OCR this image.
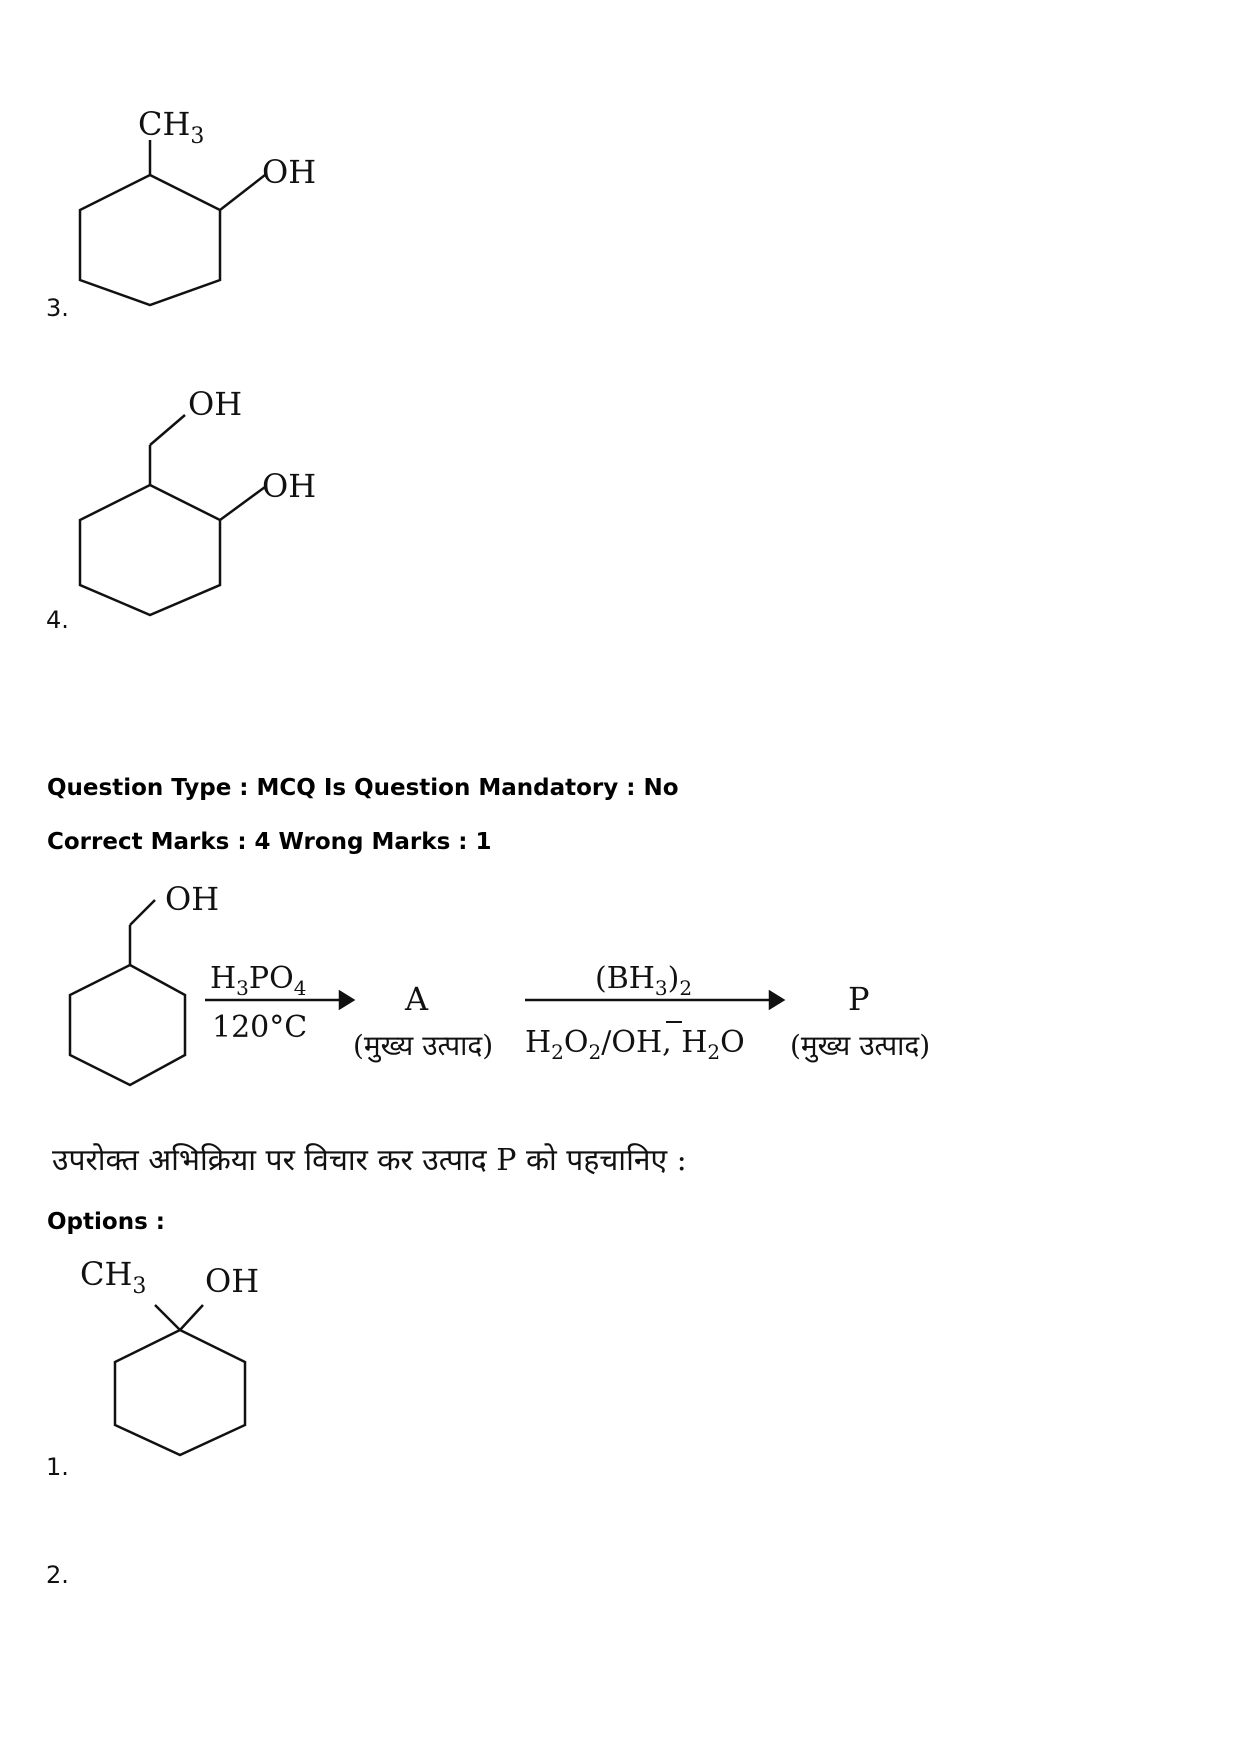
3.
$CH_3$
OH
4.
OH
OH
Question Type : MCQ Is Question Mandatory : No
Correct Marks : 4 Wrong Marks : 1
OH
$H_3PO_4$
120°C
A
(मुख्य उत्पाद)
$(BH_3)_2$
$H_2O_2/OH$, $H_2O$
P
(मुख्य उत्पाद)
उपरोक्त अभिक्रिया पर विचार कर उत्पाद P को पहचानिए :
Options :
1.
$CH_3$ OH
2.
